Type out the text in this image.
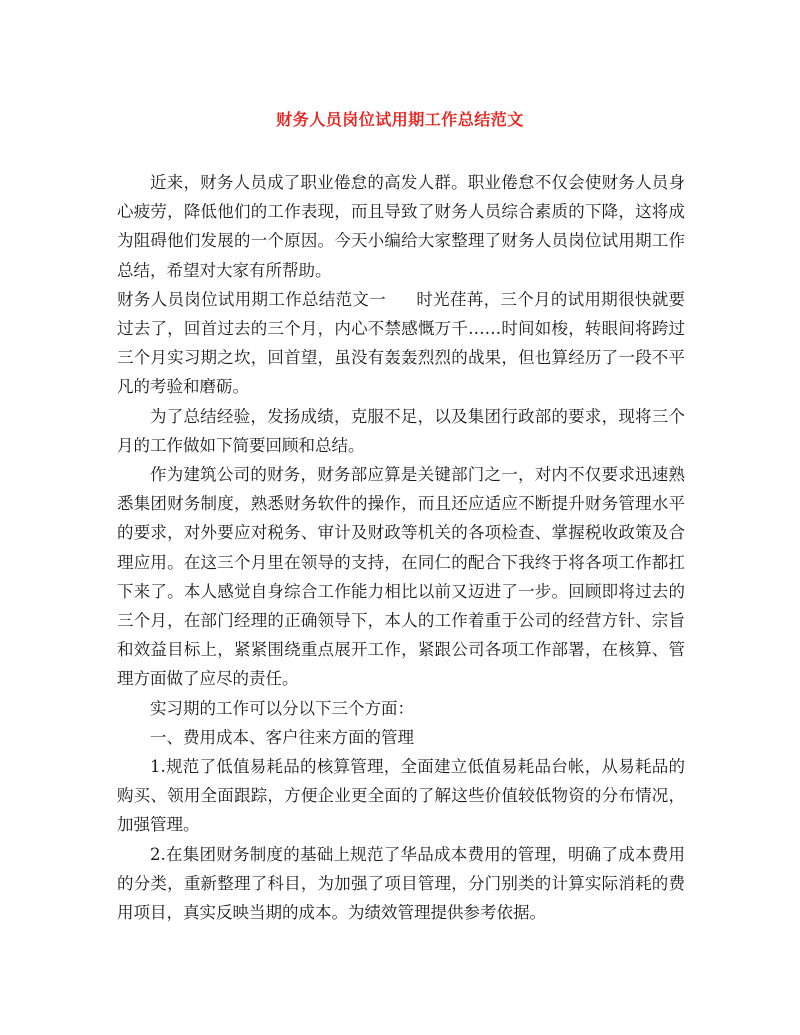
财务人员岗位试用期工作总结范文

近来，财务人员成了职业倦怠的高发人群。职业倦怠不仅会使财务人员身心疲劳，降低他们的工作表现，而且导致了财务人员综合素质的下降，这将成为阻碍他们发展的一个原因。今天小编给大家整理了财务人员岗位试用期工作总结，希望对大家有所帮助。

财务人员岗位试用期工作总结范文一 时光荏苒，三个月的试用期很快就要过去了，回首过去的三个月，内心不禁感慨万千……时间如梭，转眼间将跨过三个月实习期之坎，回首望，虽没有轰轰烈烈的战果，但也算经历了一段不平凡的考验和磨砺。

为了总结经验，发扬成绩，克服不足，以及集团行政部的要求，现将三个月的工作做如下简要回顾和总结。

作为建筑公司的财务，财务部应算是关键部门之一，对内不仅要求迅速熟悉集团财务制度，熟悉财务软件的操作，而且还应适应不断提升财务管理水平的要求，对外要应对税务、审计及财政等机关的各项检查、掌握税收政策及合理应用。在这三个月里在领导的支持，在同仁的配合下我终于将各项工作都扛下来了。本人感觉自身综合工作能力相比以前又迈进了一步。回顾即将过去的三个月，在部门经理的正确领导下，本人的工作着重于公司的经营方针、宗旨和效益目标上，紧紧围绕重点展开工作，紧跟公司各项工作部署，在核算、管理方面做了应尽的责任。

实习期的工作可以分以下三个方面：

一、费用成本、客户往来方面的管理

1.规范了低值易耗品的核算管理，全面建立低值易耗品台帐，从易耗品的购买、领用全面跟踪，方便企业更全面的了解这些价值较低物资的分布情况，加强管理。

2.在集团财务制度的基础上规范了华品成本费用的管理，明确了成本费用的分类，重新整理了科目，为加强了项目管理，分门别类的计算实际消耗的费用项目，真实反映当期的成本。为绩效管理提供参考依据。
